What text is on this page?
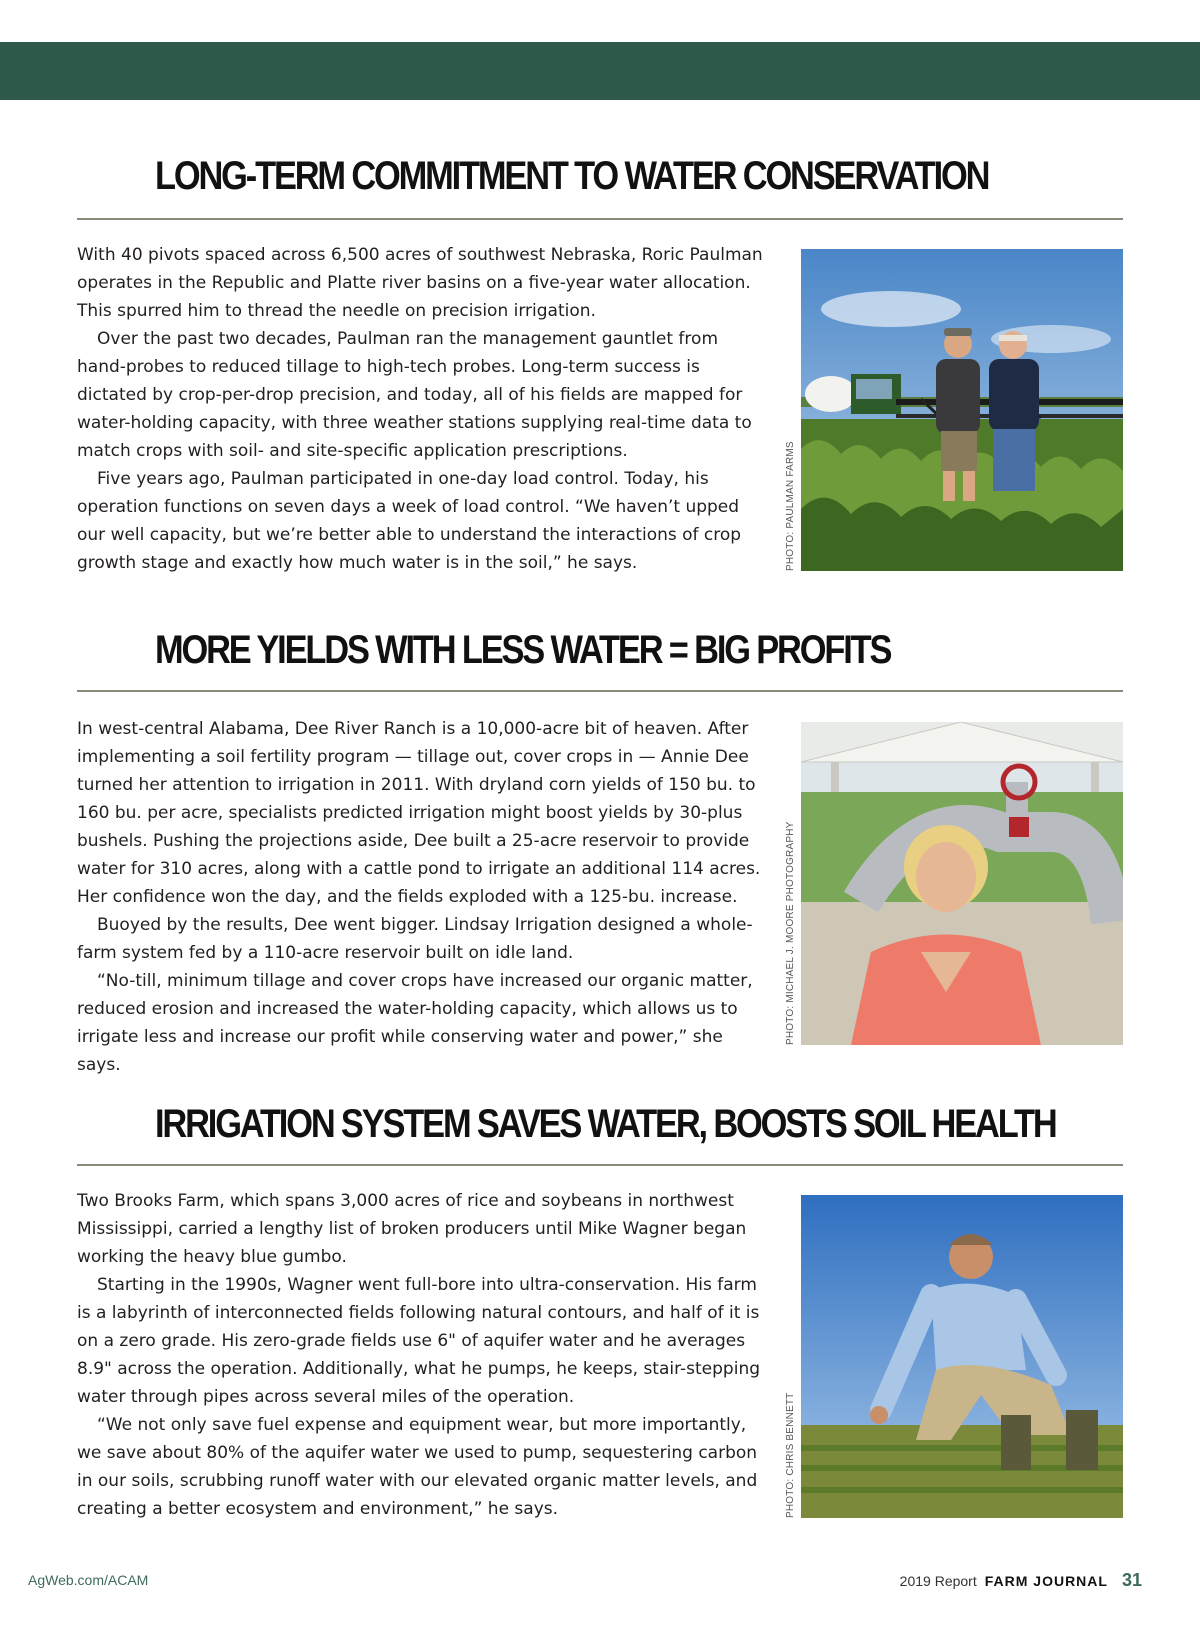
LONG-TERM COMMITMENT TO WATER CONSERVATION

With 40 pivots spaced across 6,500 acres of southwest Nebraska, Roric Paulman operates in the Republic and Platte river basins on a five-year water allocation. This spurred him to thread the needle on precision irrigation.

Over the past two decades, Paulman ran the management gauntlet from hand-probes to reduced tillage to high-tech probes. Long-term success is dictated by crop-per-drop precision, and today, all of his fields are mapped for water-holding capacity, with three weather stations supplying real-time data to match crops with soil- and site-specific application prescriptions.

Five years ago, Paulman participated in one-day load control. Today, his operation functions on seven days a week of load control. “We haven’t upped our well capacity, but we’re better able to understand the interactions of crop growth stage and exactly how much water is in the soil,” he says.	PHOTO: PAULMAN FARMS
MORE YIELDS WITH LESS WATER = BIG PROFITS

In west-central Alabama, Dee River Ranch is a 10,000-acre bit of heaven. After implementing a soil fertility program — tillage out, cover crops in — Annie Dee turned her attention to irrigation in 2011. With dryland corn yields of 150 bu. to 160 bu. per acre, specialists predicted irrigation might boost yields by 30-plus bushels. Pushing the projections aside, Dee built a 25-acre reservoir to provide water for 310 acres, along with a cattle pond to irrigate an additional 114 acres. Her confidence won the day, and the fields exploded with a 125-bu. increase.

Buoyed by the results, Dee went bigger. Lindsay Irrigation designed a whole-farm system fed by a 110-acre reservoir built on idle land.

“No-till, minimum tillage and cover crops have increased our organic matter, reduced erosion and increased the water-holding capacity, which allows us to irrigate less and increase our profit while conserving water and power,” she says.

PHOTO: MICHAEL J. MOORE PHOTOGRAPHY
IRRIGATION SYSTEM SAVES WATER, BOOSTS SOIL HEALTH

Two Brooks Farm, which spans 3,000 acres of rice and soybeans in northwest Mississippi, carried a lengthy list of broken producers until Mike Wagner began working the heavy blue gumbo.

Starting in the 1990s, Wagner went full-bore into ultra-conservation. His farm is a labyrinth of interconnected fields following natural contours, and half of it is on a zero grade. His zero-grade fields use 6" of aquifer water and he averages 8.9" across the operation. Additionally, what he pumps, he keeps, stair-stepping water through pipes across several miles of the operation.

“We not only save fuel expense and equipment wear, but more importantly, we save about 80% of the aquifer water we used to pump, sequestering carbon in our soils, scrubbing runoff water with our elevated organic matter levels, and creating a better ecosystem and environment,” he says.	PHOTO: CHRIS BENNETT
AgWeb.com/ACAM	2019 Report FARM JOURNAL 31
